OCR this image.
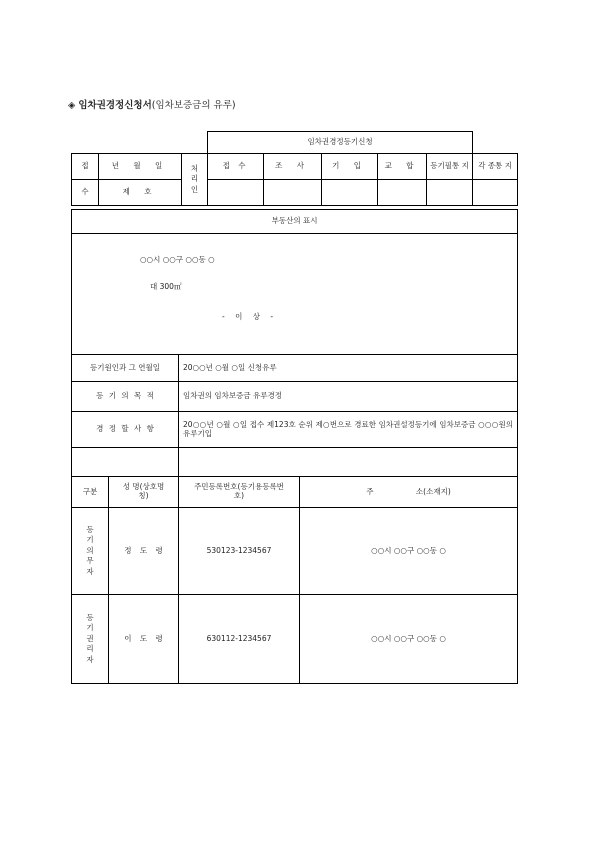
◈ 임차권경정신청서(임차보증금의 유루)
			임차권경정등기신청					
접	년 월 일	처리인	접 수	조 사	기 입	교 합	등기필통 지	각 종통 지
수	제 호							
부동산의 표시			

○○시 ○○구 ○○동 ○
대 300㎡
- 이 상 -			

등기원인과 그 연월일		20○○년 ○월 ○일 신청유루	
등 기 의 목 적		임차권의 임차보증금 유루경정	
경 정 할 사 항		20○○년 ○월 ○일 접수 제123호 순위 제○번으로 경료한 임차권설정등기에 임차보증금 ○○○원의 유루기입	

구분	성 명(상호명칭)	주민등록번호(등기용등록번호)	주 소(소재지)
등기의무자	정 도 령	530123-1234567	○○시 ○○구 ○○동 ○
등기권리자	이 도 령	630112-1234567	○○시 ○○구 ○○동 ○
